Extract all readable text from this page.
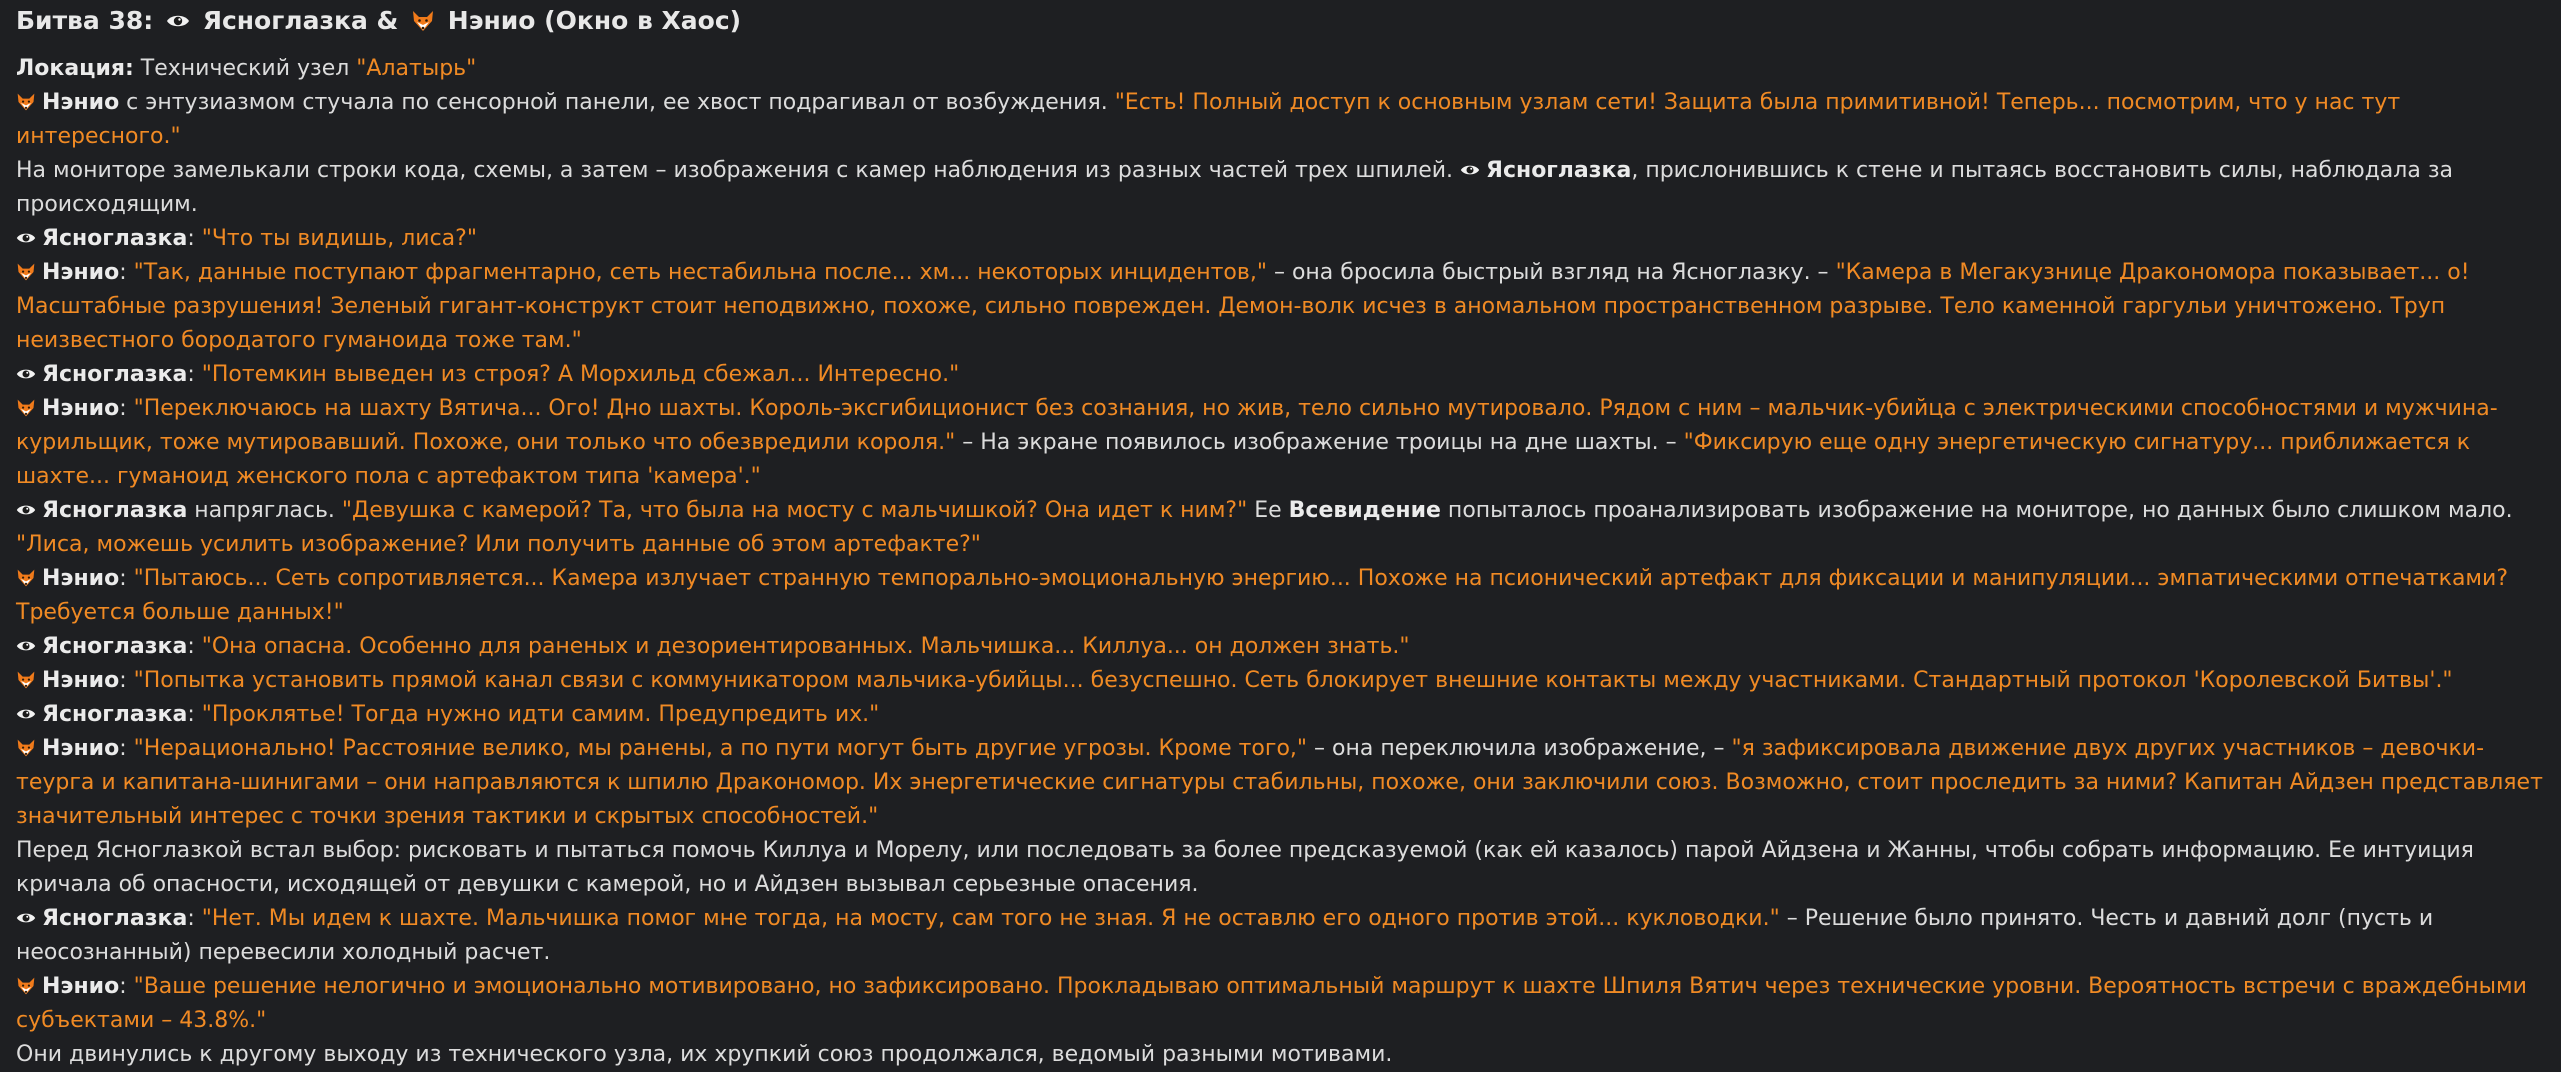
Битва 38: Ясноглазка & Нэнио (Окно в Хаос)
Локация: Технический узел "Алатырь"
Нэнио с энтузиазмом стучала по сенсорной панели, ее хвост подрагивал от возбуждения. "Есть! Полный доступ к основным узлам сети! Защита была примитивной! Теперь... посмотрим, что у нас тут интересного."
На мониторе замелькали строки кода, схемы, а затем – изображения с камер наблюдения из разных частей трех шпилей. Ясноглазка, прислонившись к стене и пытаясь восстановить силы, наблюдала за происходящим.
Ясноглазка: "Что ты видишь, лиса?"
Нэнио: "Так, данные поступают фрагментарно, сеть нестабильна после... хм... некоторых инцидентов," – она бросила быстрый взгляд на Ясноглазку. – "Камера в Мегакузнице Дракономора показывает... о! Масштабные разрушения! Зеленый гигант-конструкт стоит неподвижно, похоже, сильно поврежден. Демон-волк исчез в аномальном пространственном разрыве. Тело каменной гаргульи уничтожено. Труп неизвестного бородатого гуманоида тоже там."
Ясноглазка: "Потемкин выведен из строя? А Морхильд сбежал... Интересно."
Нэнио: "Переключаюсь на шахту Вятича... Ого! Дно шахты. Король-эксгибиционист без сознания, но жив, тело сильно мутировало. Рядом с ним – мальчик-убийца с электрическими способностями и мужчина-курильщик, тоже мутировавший. Похоже, они только что обезвредили короля." – На экране появилось изображение троицы на дне шахты. – "Фиксирую еще одну энергетическую сигнатуру... приближается к шахте... гуманоид женского пола с артефактом типа 'камера'."
Ясноглазка напряглась. "Девушка с камерой? Та, что была на мосту с мальчишкой? Она идет к ним?" Ее Всевидение попыталось проанализировать изображение на мониторе, но данных было слишком мало. "Лиса, можешь усилить изображение? Или получить данные об этом артефакте?"
Нэнио: "Пытаюсь... Сеть сопротивляется... Камера излучает странную темпорально-эмоциональную энергию... Похоже на псионический артефакт для фиксации и манипуляции... эмпатическими отпечатками? Требуется больше данных!"
Ясноглазка: "Она опасна. Особенно для раненых и дезориентированных. Мальчишка... Киллуа... он должен знать."
Нэнио: "Попытка установить прямой канал связи с коммуникатором мальчика-убийцы... безуспешно. Сеть блокирует внешние контакты между участниками. Стандартный протокол 'Королевской Битвы'."
Ясноглазка: "Проклятье! Тогда нужно идти самим. Предупредить их."
Нэнио: "Нерационально! Расстояние велико, мы ранены, а по пути могут быть другие угрозы. Кроме того," – она переключила изображение, – "я зафиксировала движение двух других участников – девочки-теурга и капитана-шинигами – они направляются к шпилю Дракономор. Их энергетические сигнатуры стабильны, похоже, они заключили союз. Возможно, стоит проследить за ними? Капитан Айдзен представляет значительный интерес с точки зрения тактики и скрытых способностей."
Перед Ясноглазкой встал выбор: рисковать и пытаться помочь Киллуа и Морелу, или последовать за более предсказуемой (как ей казалось) парой Айдзена и Жанны, чтобы собрать информацию. Ее интуиция кричала об опасности, исходящей от девушки с камерой, но и Айдзен вызывал серьезные опасения.
Ясноглазка: "Нет. Мы идем к шахте. Мальчишка помог мне тогда, на мосту, сам того не зная. Я не оставлю его одного против этой... кукловодки." – Решение было принято. Честь и давний долг (пусть и неосознанный) перевесили холодный расчет.
Нэнио: "Ваше решение нелогично и эмоционально мотивировано, но зафиксировано. Прокладываю оптимальный маршрут к шахте Шпиля Вятич через технические уровни. Вероятность встречи с враждебными субъектами – 43.8%."
Они двинулись к другому выходу из технического узла, их хрупкий союз продолжался, ведомый разными мотивами.
